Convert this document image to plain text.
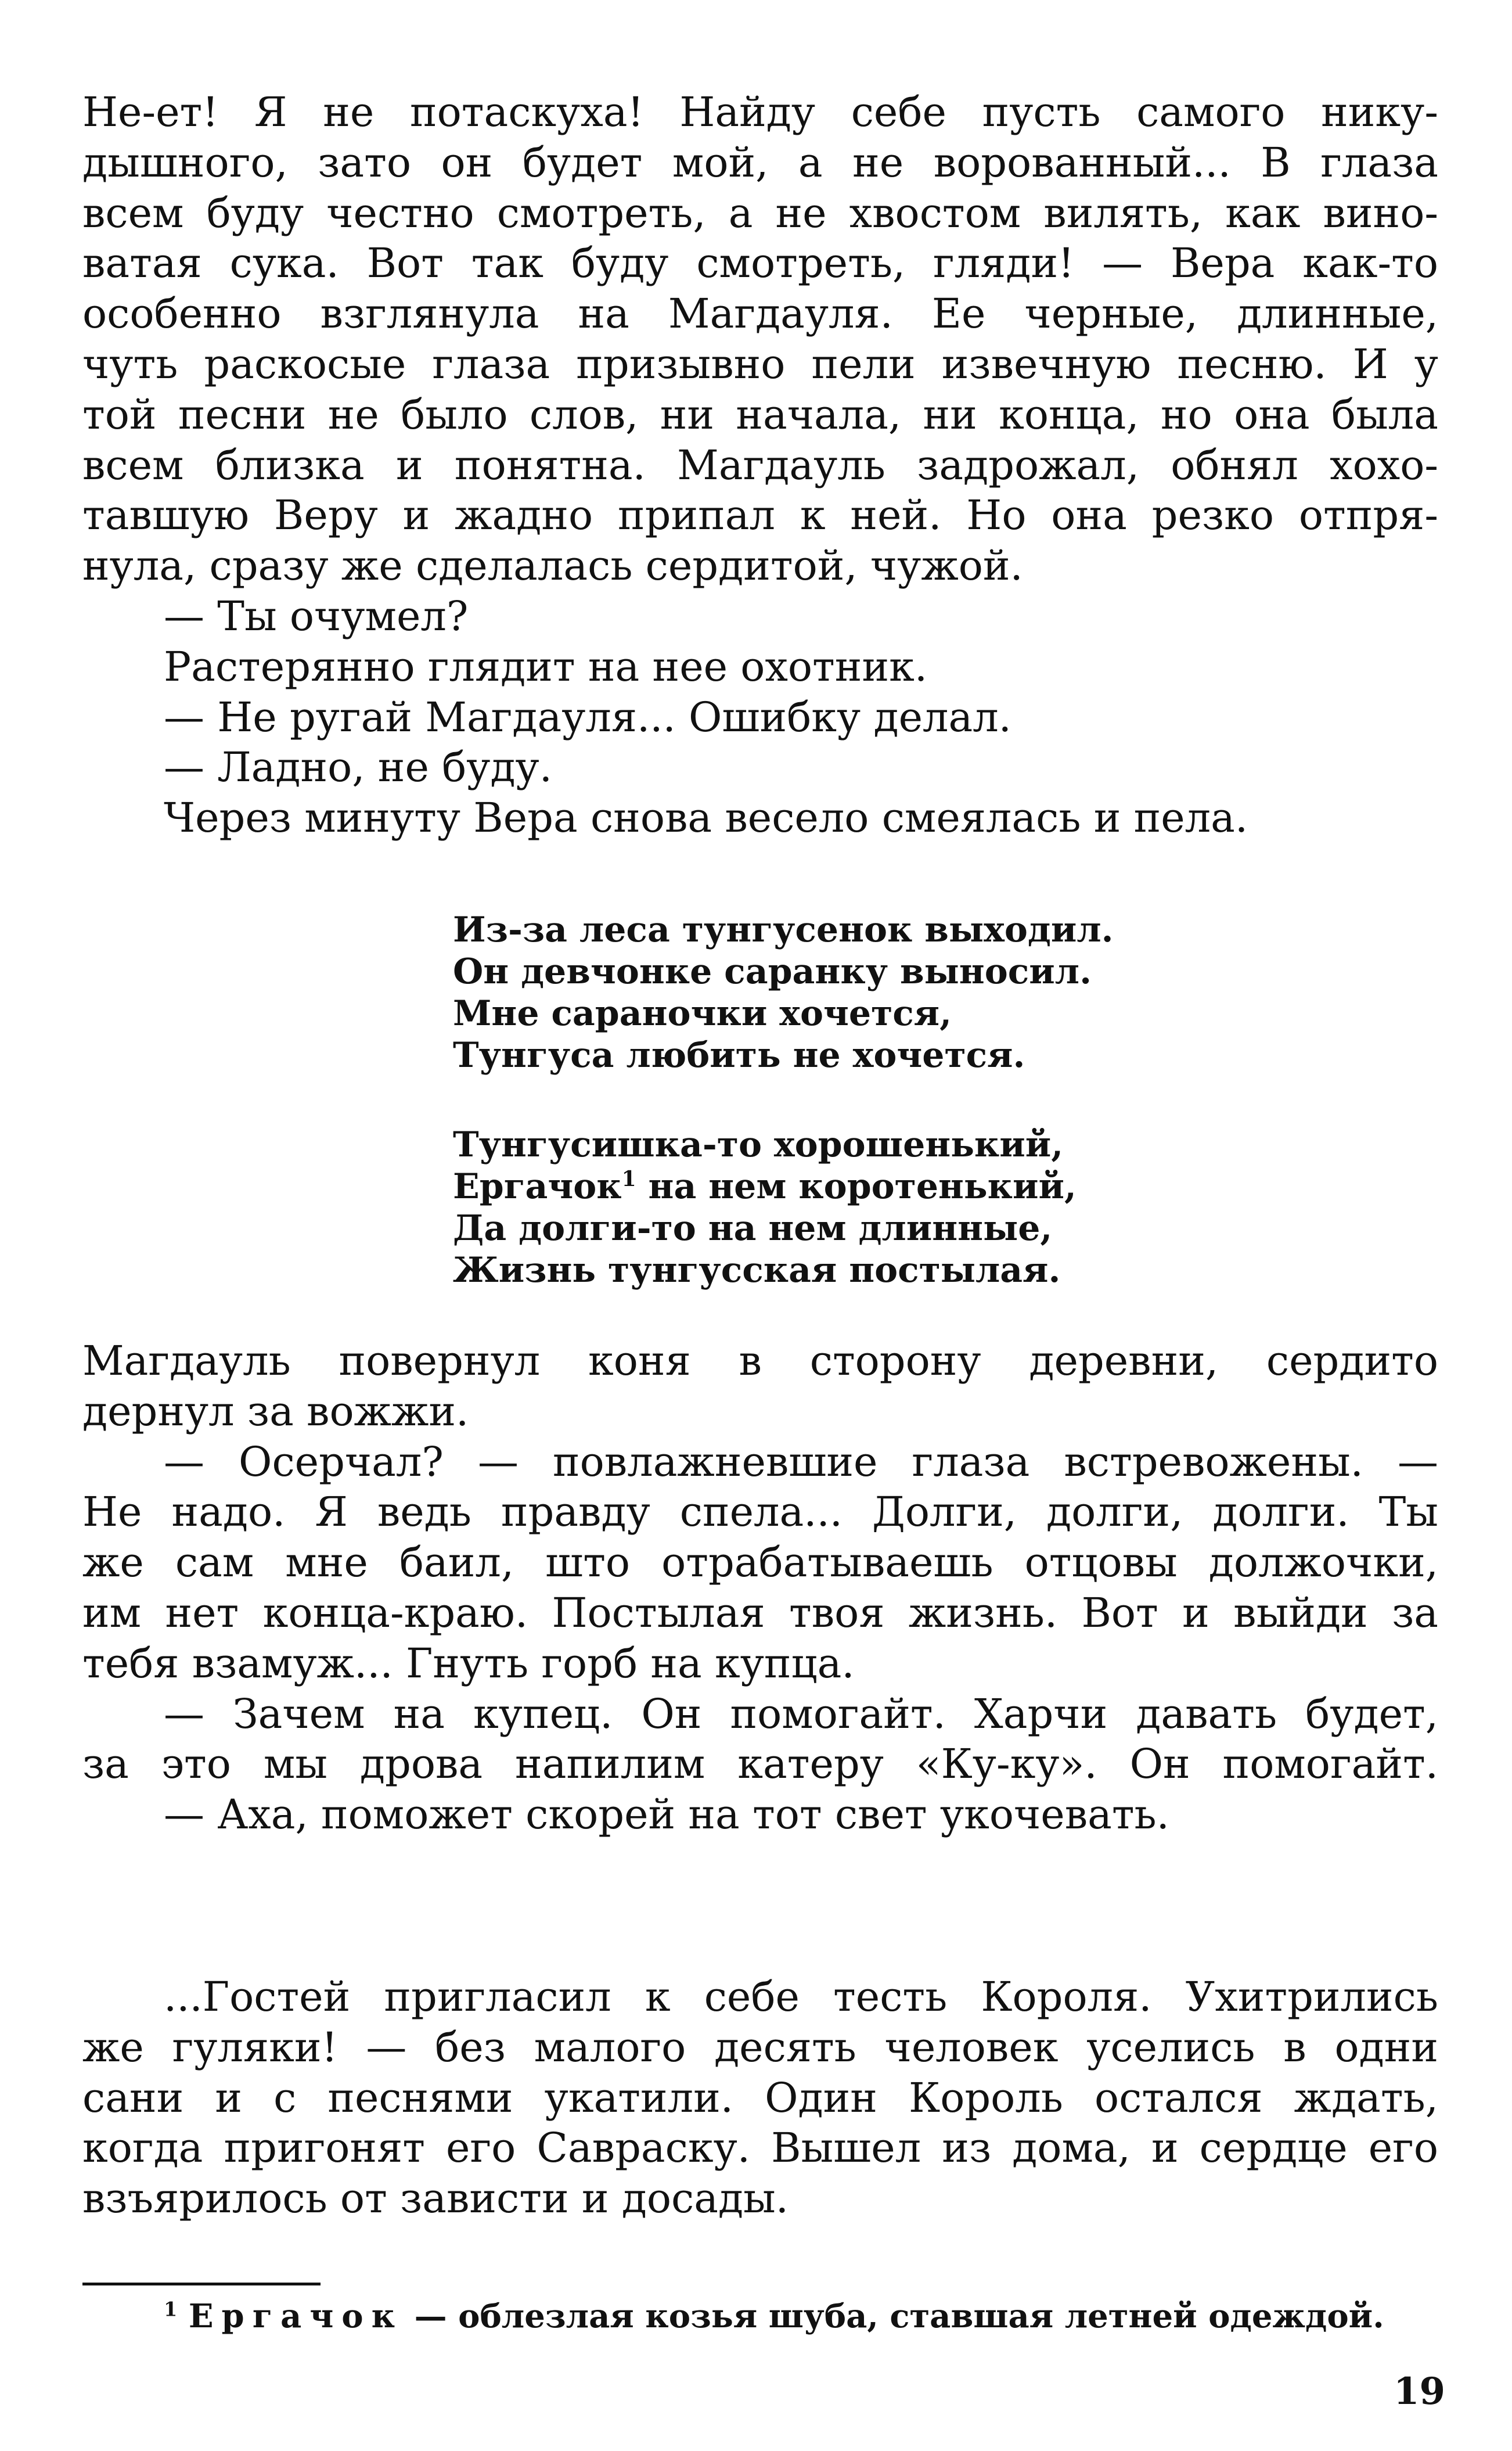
Не-ет! Я не потаскуха! Найду себе пусть самого нику-
дышного, зато он будет мой, а не ворованный... В глаза
всем буду честно смотреть, а не хвостом вилять, как вино-
ватая сука. Вот так буду смотреть, гляди! — Вера как-то
особенно взглянула на Магдауля. Ее черные, длинные,
чуть раскосые глаза призывно пели извечную песню. И у
той песни не было слов, ни начала, ни конца, но она была
всем близка и понятна. Магдауль задрожал, обнял хохо-
тавшую Веру и жадно припал к ней. Но она резко отпря-
нула, сразу же сделалась сердитой, чужой.
— Ты очумел?
Растерянно глядит на нее охотник.
— Не ругай Магдауля... Ошибку делал.
— Ладно, не буду.
Через минуту Вера снова весело смеялась и пела.
Из-за леса тунгусенок выходил.
Он девчонке саранку выносил.
Мне сараночки хочется,
Тунгуса любить не хочется.
Тунгусишка-то хорошенький,
Ергачок$^1$ на нем коротенький,
Да долги-то на нем длинные,
Жизнь тунгусская постылая.
Магдауль повернул коня в сторону деревни, сердито
дернул за вожжи.
— Осерчал? — повлажневшие глаза встревожены. —
Не надо. Я ведь правду спела... Долги, долги, долги. Ты
же сам мне баил, што отрабатываешь отцовы должочки,
им нет конца-краю. Постылая твоя жизнь. Вот и выйди за
тебя взамуж... Гнуть горб на купца.
— Зачем на купец. Он помогайт. Харчи давать будет,
за это мы дрова напилим катеру «Ку-ку». Он помогайт.
— Аха, поможет скорей на тот свет укочевать.
...Гостей пригласил к себе тесть Короля. Ухитрились
же гуляки! — без малого десять человек уселись в одни
сани и с песнями укатили. Один Король остался ждать,
когда пригонят его Савраску. Вышел из дома, и сердце его
взъярилось от зависти и досады.
$^1$ Ергачок — облезлая козья шуба, ставшая летней одеждой.
19
